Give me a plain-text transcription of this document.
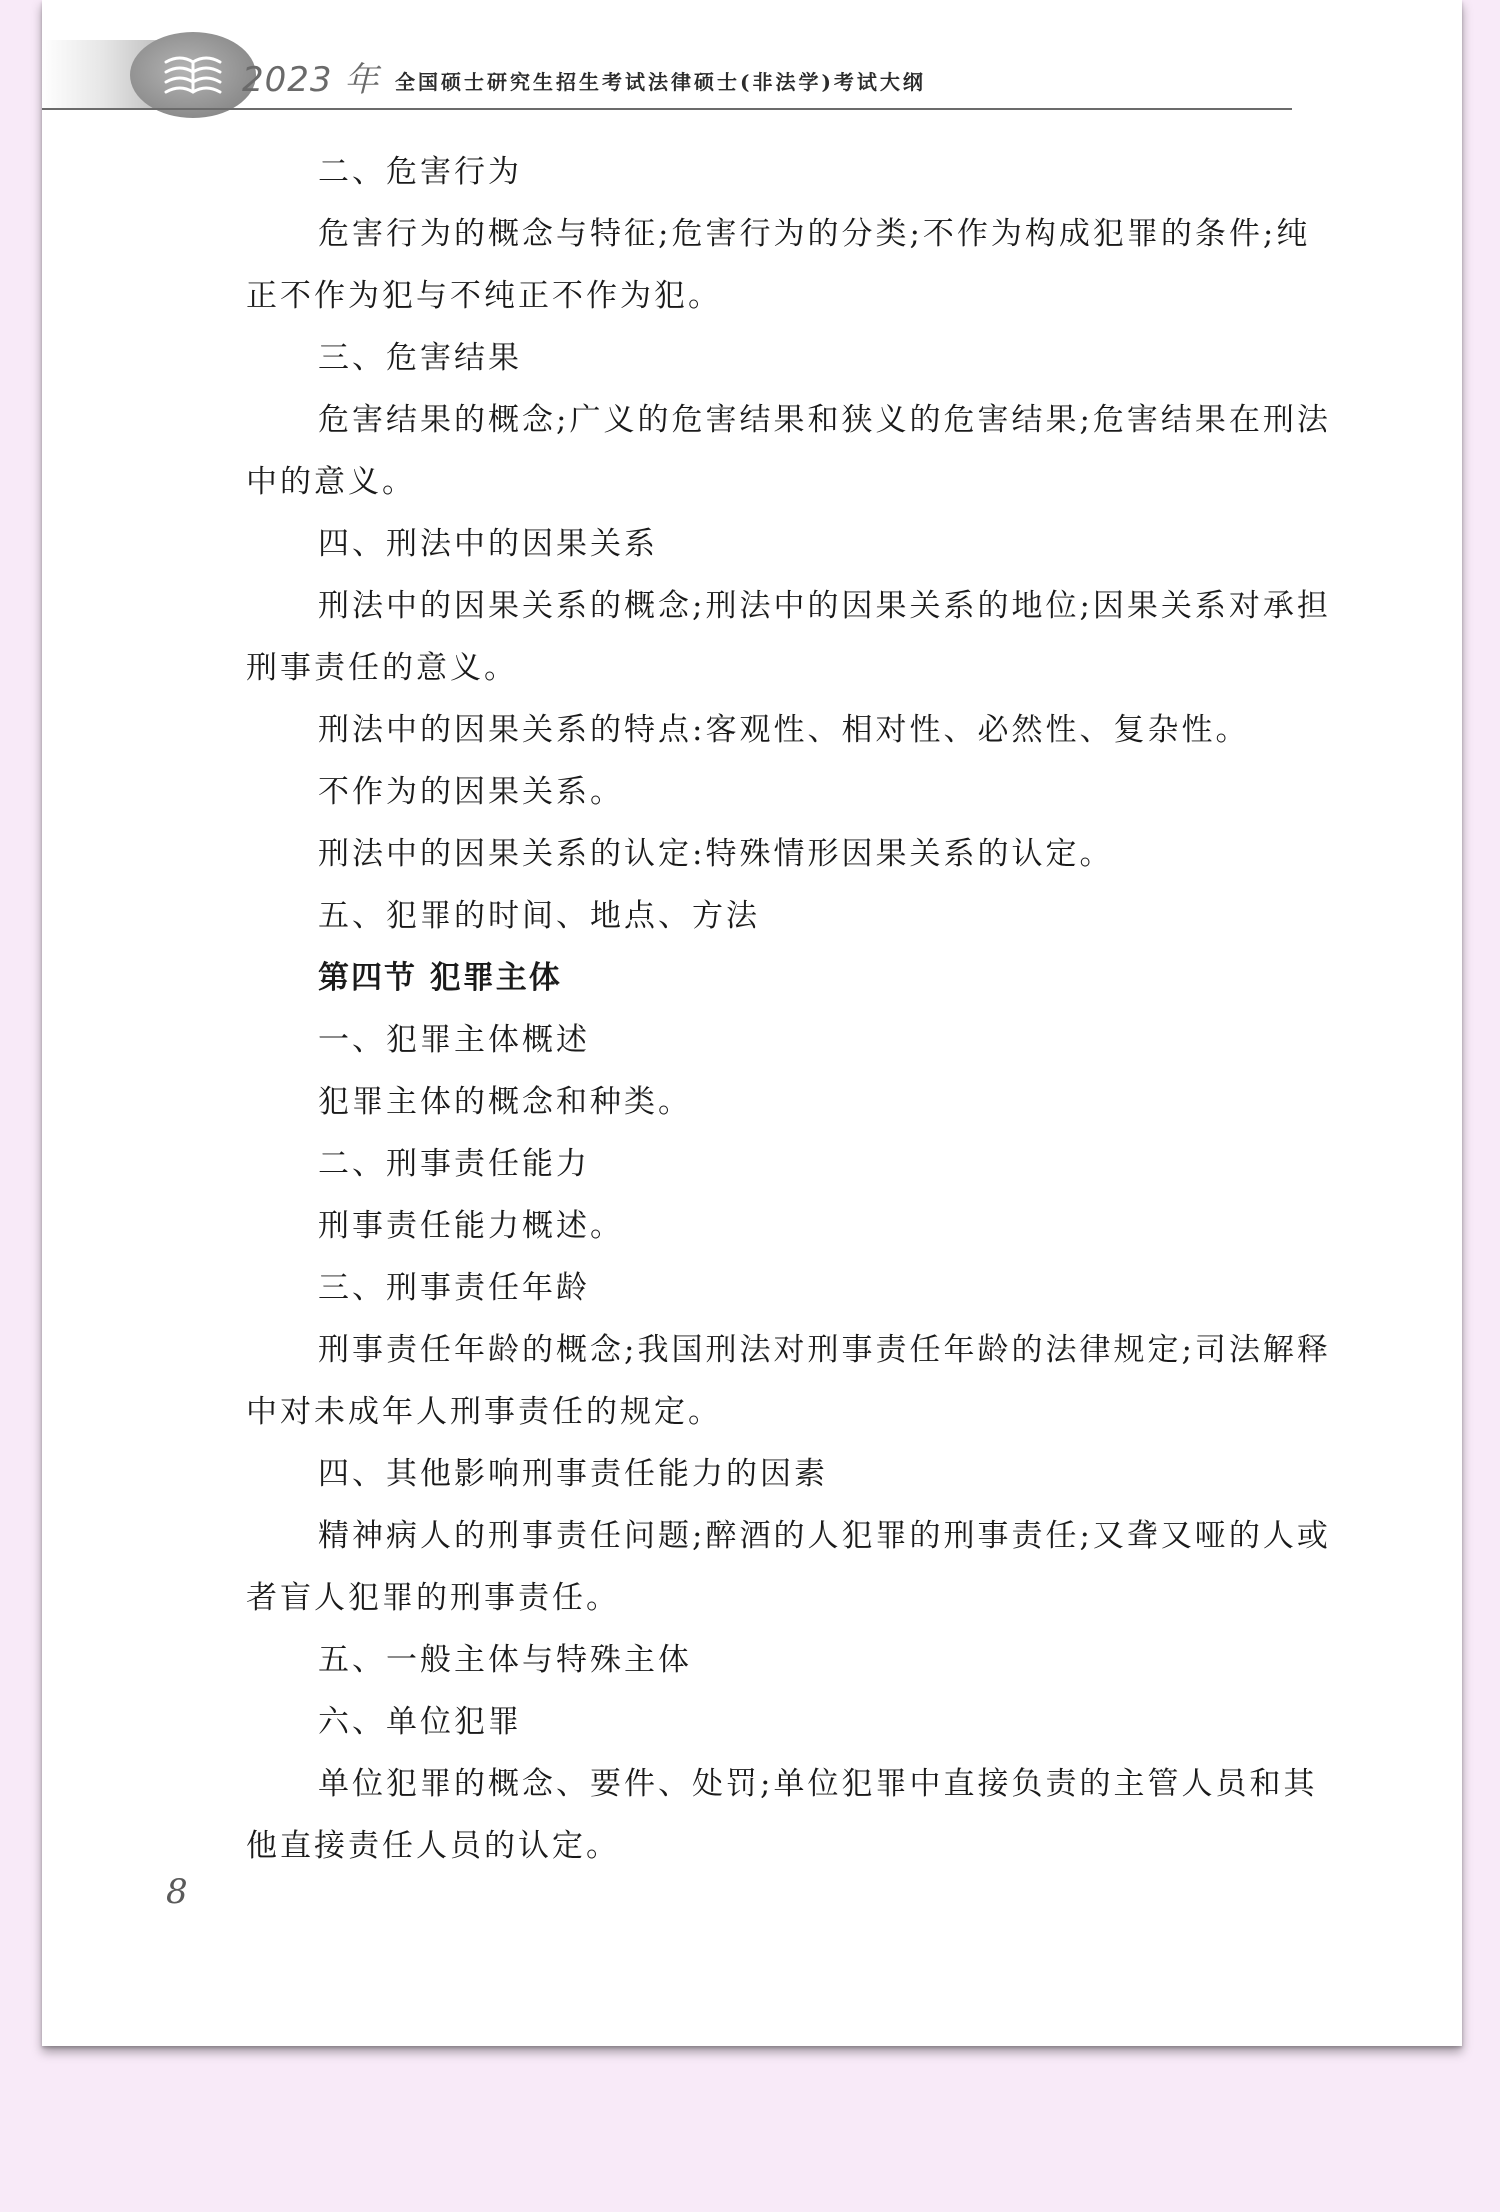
2023 年 全国硕士研究生招生考试法律硕士(非法学)考试大纲

二、危害行为

危害行为的概念与特征;危害行为的分类;不作为构成犯罪的条件;纯正不作为犯与不纯正不作为犯。

三、危害结果

危害结果的概念;广义的危害结果和狭义的危害结果;危害结果在刑法中的意义。

四、刑法中的因果关系

刑法中的因果关系的概念;刑法中的因果关系的地位;因果关系对承担刑事责任的意义。

刑法中的因果关系的特点:客观性、相对性、必然性、复杂性。

不作为的因果关系。

刑法中的因果关系的认定:特殊情形因果关系的认定。

五、犯罪的时间、地点、方法

第四节 犯罪主体

一、犯罪主体概述

犯罪主体的概念和种类。

二、刑事责任能力

刑事责任能力概述。

三、刑事责任年龄

刑事责任年龄的概念;我国刑法对刑事责任年龄的法律规定;司法解释中对未成年人刑事责任的规定。

四、其他影响刑事责任能力的因素

精神病人的刑事责任问题;醉酒的人犯罪的刑事责任;又聋又哑的人或者盲人犯罪的刑事责任。

五、一般主体与特殊主体

六、单位犯罪

单位犯罪的概念、要件、处罚;单位犯罪中直接负责的主管人员和其他直接责任人员的认定。

8
